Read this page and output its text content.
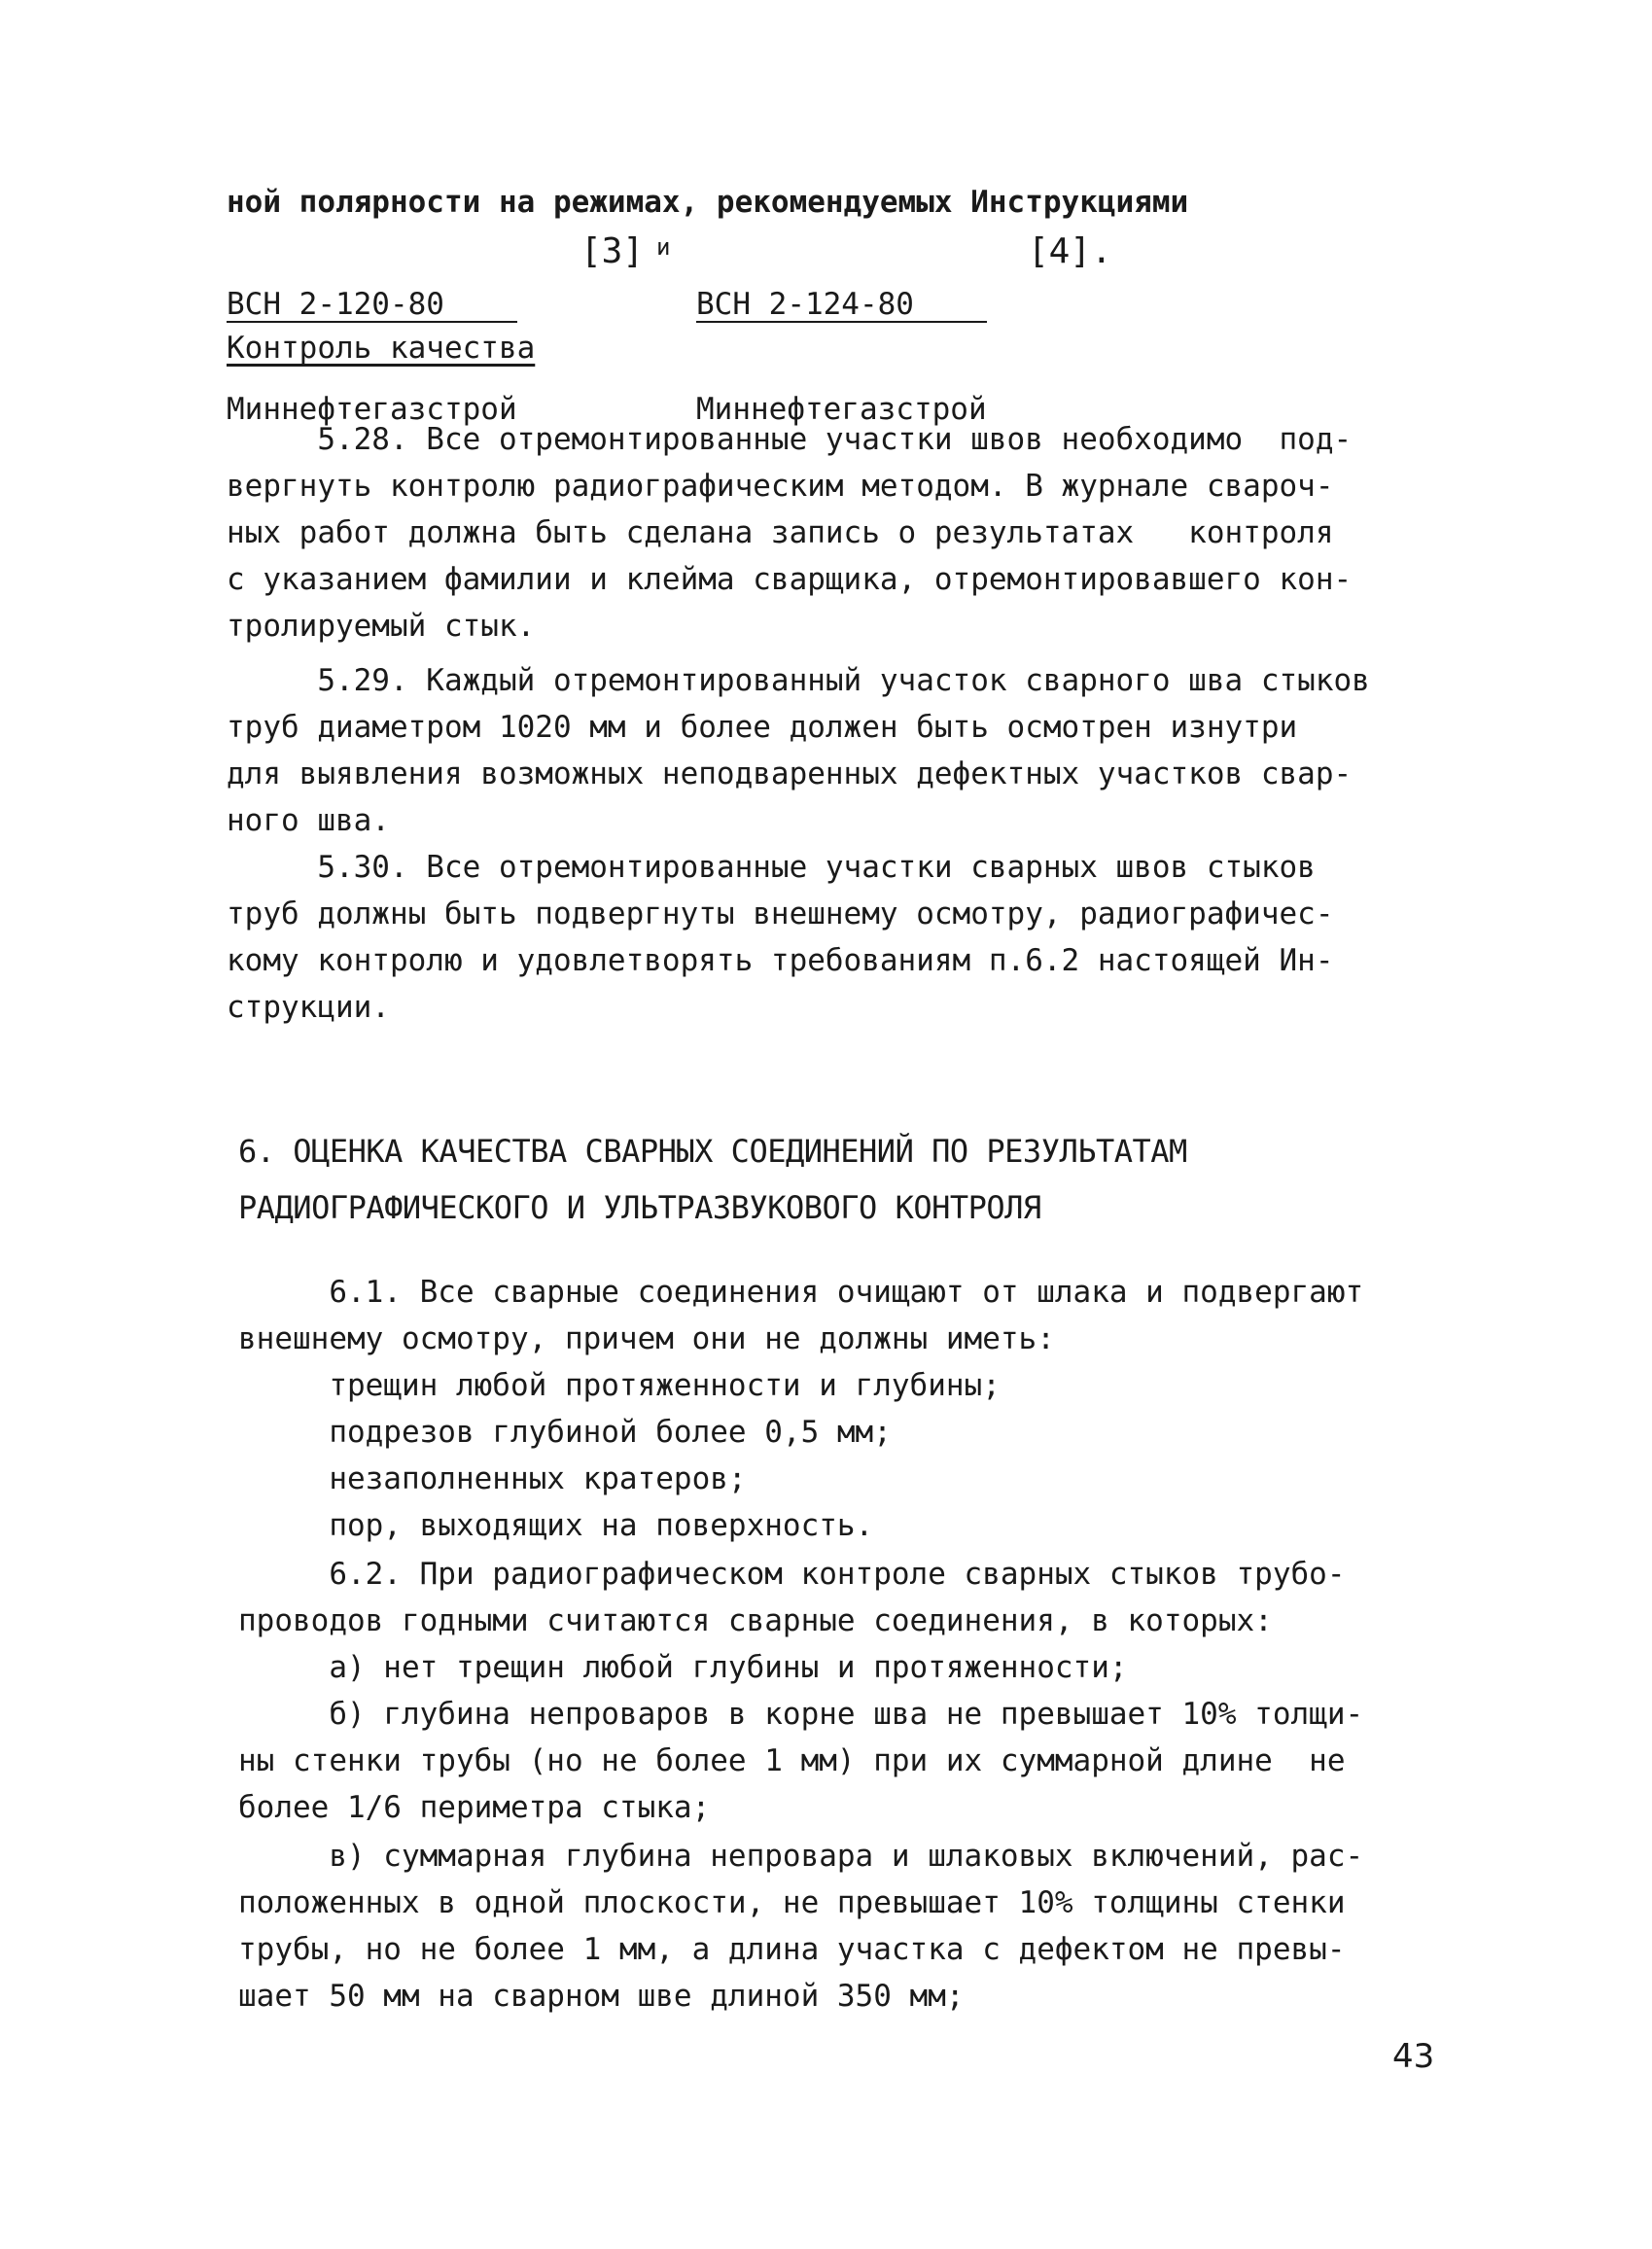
ной полярности на режимах, рекомендуемых Инструкциями

ВСН 2-120-80

Миннефтегазстрой

[3] и

ВСН 2-124-80

Миннефтегазстрой

[4].
Контроль качества
5.28. Все отремонтированные участки швов необходимо  под-
вергнуть контролю радиографическим методом. В журнале свароч-
ных работ должна быть сделана запись о результатах   контроля
с указанием фамилии и клейма сварщика, отремонтировавшего кон-
тролируемый стык.
5.29. Каждый отремонтированный участок сварного шва стыков
труб диаметром 1020 мм и более должен быть осмотрен изнутри
для выявления возможных неподваренных дефектных участков свар-
ного шва.
5.30. Все отремонтированные участки сварных швов стыков
труб должны быть подвергнуты внешнему осмотру, радиографичес-
кому контролю и удовлетворять требованиям п.6.2 настоящей Ин-
струкции.
6. ОЦЕНКА КАЧЕСТВА СВАРНЫХ СОЕДИНЕНИЙ ПО РЕЗУЛЬТАТАМ
РАДИОГРАФИЧЕСКОГО И УЛЬТРАЗВУКОВОГО КОНТРОЛЯ
6.1. Все сварные соединения очищают от шлака и подвергают
внешнему осмотру, причем они не должны иметь:
трещин любой протяженности и глубины;
подрезов глубиной более 0,5 мм;
незаполненных кратеров;
пор, выходящих на поверхность.
6.2. При радиографическом контроле сварных стыков трубо-
проводов годными считаются сварные соединения, в которых:
а) нет трещин любой глубины и протяженности;
б) глубина непроваров в корне шва не превышает 10% толщи-
ны стенки трубы (но не более 1 мм) при их суммарной длине  не
более 1/6 периметра стыка;
в) суммарная глубина непровара и шлаковых включений, рас-
положенных в одной плоскости, не превышает 10% толщины стенки
трубы, но не более 1 мм, а длина участка с дефектом не превы-
шает 50 мм на сварном шве длиной 350 мм;
43
